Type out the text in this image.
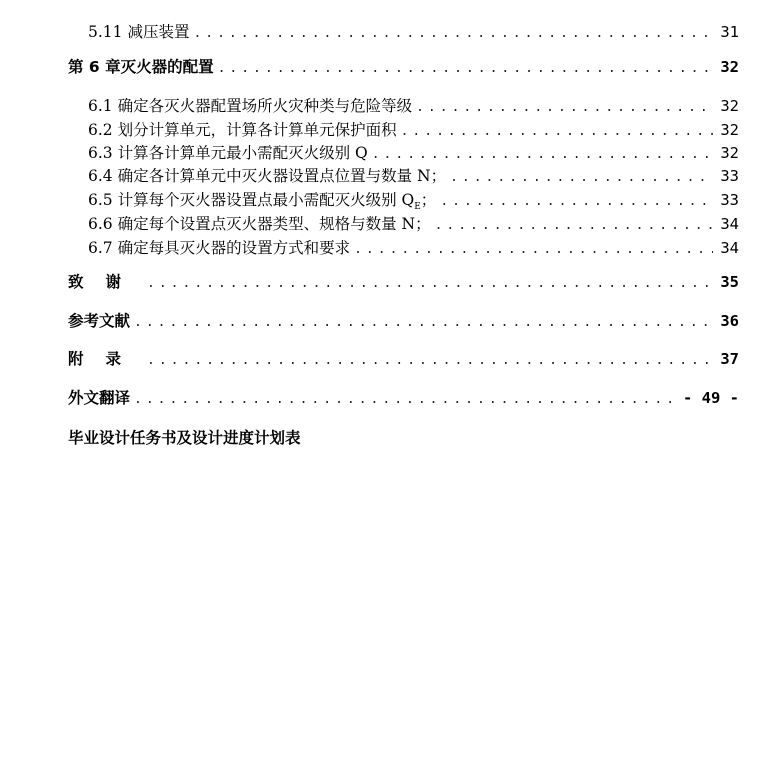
5.11 减压装置 .....	31
第 6 章灭火器的配置 .....	32
6.1 确定各灭火器配置场所火灾种类与危险等级 .....	32
6.2 划分计算单元，计算各计算单元保护面积 .....	32
6.3 计算各计算单元最小需配灭火级别 Q .....	32
6.4 确定各计算单元中灭火器设置点位置与数量 N； .....	33
6.5 计算每个灭火器设置点最小需配灭火级别 $Q_E$； .....	33
6.6 确定每个设置点灭火器类型、规格与数量 N； .....	34
6.7 确定每具灭火器的设置方式和要求 .....	34
致谢 .....	35
参考文献 .....	36
附录 .....	37
外文翻译 .....	- 49 -
毕业设计任务书及设计进度计划表
